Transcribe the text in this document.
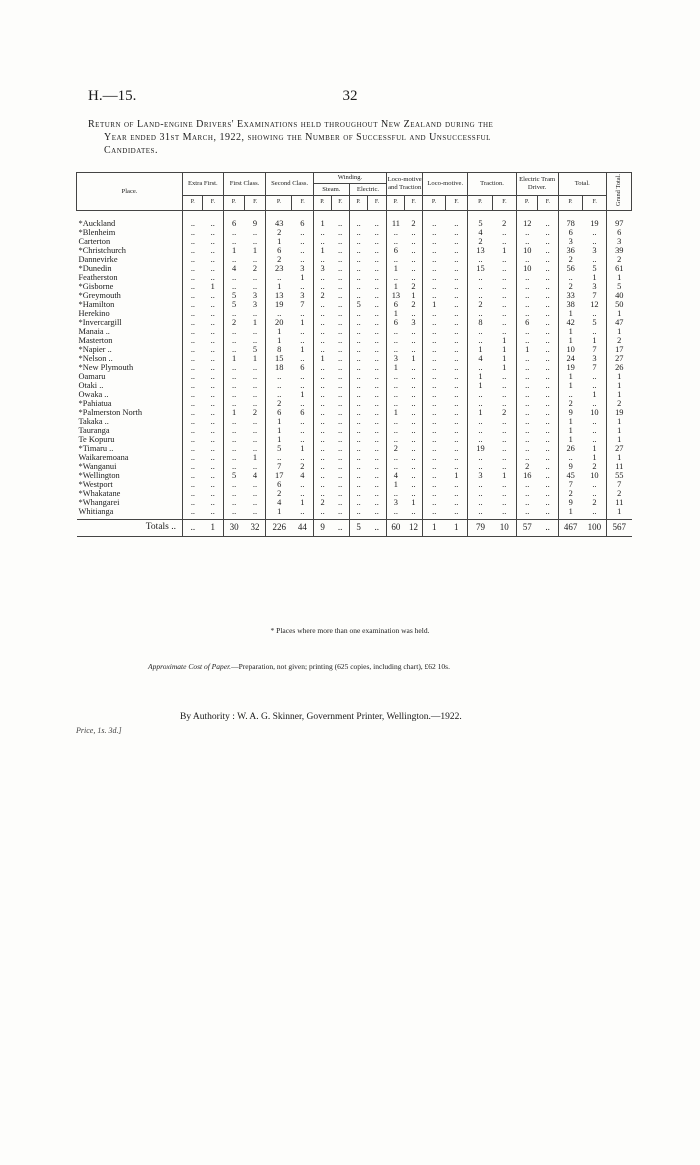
H.—15.	32
Return of Land-engine Drivers' Examinations held throughout New Zealand during the
Year ended 31st March, 1922, showing the Number of Successful and Unsuccessful
Candidates.
Place.	Extra First.		First Class.		Second Class.		Winding.				Loco-motive and Traction		Loco-motive.		Traction.		Electric Tram Driver.		Total.		Grand Total.
							Steam.		Electric.												
	P.	F.	P.	F.	P.	F.	P.	F.	P.	F.	P.	F.	P.	F.	P.	F.	P.	F.	P.	F.	
*Auckland	..	..	6	9	43	6	1	..	..	..	11	2	..	..	5	2	12	..	78	19	97
*Blenheim	..	..	..	..	2	..	..	..	..	..	..	..	..	..	4	..	..	..	6	..	6
Carterton	..	..	..	..	1	..	..	..	..	..	..	..	..	..	2	..	..	..	3	..	3
*Christchurch	..	..	1	1	6	..	1	..	..	..	6	..	..	..	13	1	10	..	36	3	39
Dannevirke	..	..	..	..	2	..	..	..	..	..	..	..	..	..	..	..	..	..	2	..	2
*Dunedin	..	..	4	2	23	3	3	..	..	..	1	..	..	..	15	..	10	..	56	5	61
Featherston	..	..	..	..	..	1	..	..	..	..	..	..	..	..	..	..	..	..	..	1	1
*Gisborne	..	1	..	..	1	..	..	..	..	..	1	2	..	..	..	..	..	..	2	3	5
*Greymouth	..	..	5	3	13	3	2	..	..	..	13	1	..	..	..	..	..	..	33	7	40
*Hamilton	..	..	5	3	19	7	..	..	5	..	6	2	1	..	2	..	..	..	38	12	50
Herekino	..	..	..	..	..	..	..	..	..	..	1	..	..	..	..	..	..	..	1	..	1
*Invercargill	..	..	2	1	20	1	..	..	..	..	6	3	..	..	8	..	6	..	42	5	47
Manaia ..	..	..	..	..	1	..	..	..	..	..	..	..	..	..	..	..	..	..	1	..	1
Masterton	..	..	..	..	1	..	..	..	..	..	..	..	..	..	..	1	..	..	1	1	2
*Napier ..	..	..	..	5	8	1	..	..	..	..	..	..	..	..	1	1	1	..	10	7	17
*Nelson ..	..	..	1	1	15	..	1	..	..	..	3	1	..	..	4	1	..	..	24	3	27
*New Plymouth	..	..	..	..	18	6	..	..	..	..	1	..	..	..	..	1	..	..	19	7	26
Oamaru	..	..	..	..	..	..	..	..	..	..	..	..	..	..	1	..	..	..	1	..	1
Otaki ..	..	..	..	..	..	..	..	..	..	..	..	..	..	..	1	..	..	..	1	..	1
Owaka ..	..	..	..	..	..	1	..	..	..	..	..	..	..	..	..	..	..	..	..	1	1
*Pahiatua	..	..	..	..	2	..	..	..	..	..	..	..	..	..	..	..	..	..	2	..	2
*Palmerston North	..	..	1	2	6	6	..	..	..	..	1	..	..	..	1	2	..	..	9	10	19
Takaka ..	..	..	..	..	1	..	..	..	..	..	..	..	..	..	..	..	..	..	1	..	1
Tauranga	..	..	..	..	1	..	..	..	..	..	..	..	..	..	..	..	..	..	1	..	1
Te Kopuru	..	..	..	..	1	..	..	..	..	..	..	..	..	..	..	..	..	..	1	..	1
*Timaru ..	..	..	..	..	5	1	..	..	..	..	2	..	..	..	19	..	..	..	26	1	27
Waikaremoana	..	..	..	1	..	..	..	..	..	..	..	..	..	..	..	..	..	..	..	1	1
*Wanganui	..	..	..	..	7	2	..	..	..	..	..	..	..	..	..	..	2	..	9	2	11
*Wellington	..	..	5	4	17	4	..	..	..	..	4	..	..	1	3	1	16	..	45	10	55
*Westport	..	..	..	..	6	..	..	..	..	..	1	..	..	..	..	..	..	..	7	..	7
*Whakatane	..	..	..	..	2	..	..	..	..	..	..	..	..	..	..	..	..	..	2	..	2
*Whangarei	..	..	..	..	4	1	2	..	..	..	3	1	..	..	..	..	..	..	9	2	11
Whitianga	..	..	..	..	1	..	..	..	..	..	..	..	..	..	..	..	..	..	1	..	1
Totals ..	..	1	30	32	226	44	9	..	5	..	60	12	1	1	79	10	57	..	467	100	567
* Places where more than one examination was held.
Approximate Cost of Paper.—Preparation, not given; printing (625 copies, including chart), £62 10s.
By Authority : W. A. G. Skinner, Government Printer, Wellington.—1922.
Price, 1s. 3d.]
